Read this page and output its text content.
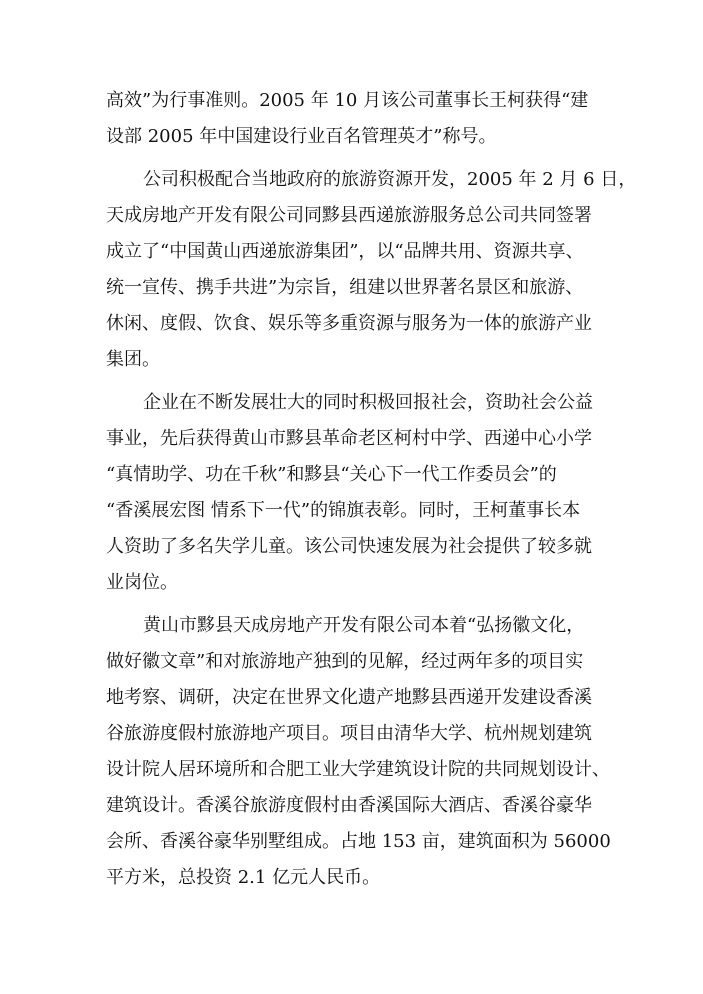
高效”为行事准则。2005 年 10 月该公司董事长王柯获得“建
设部 2005 年中国建设行业百名管理英才”称号。
公司积极配合当地政府的旅游资源开发，2005 年 2 月 6 日，
天成房地产开发有限公司同黟县西递旅游服务总公司共同签署
成立了“中国黄山西递旅游集团”，以“品牌共用、资源共享、
统一宣传、携手共进”为宗旨，组建以世界著名景区和旅游、
休闲、度假、饮食、娱乐等多重资源与服务为一体的旅游产业
集团。
企业在不断发展壮大的同时积极回报社会，资助社会公益
事业，先后获得黄山市黟县革命老区柯村中学、西递中心小学
“真情助学、功在千秋”和黟县“关心下一代工作委员会”的
“香溪展宏图 情系下一代”的锦旗表彰。同时，王柯董事长本
人资助了多名失学儿童。该公司快速发展为社会提供了较多就
业岗位。
黄山市黟县天成房地产开发有限公司本着“弘扬徽文化，
做好徽文章”和对旅游地产独到的见解，经过两年多的项目实
地考察、调研，决定在世界文化遗产地黟县西递开发建设香溪
谷旅游度假村旅游地产项目。项目由清华大学、杭州规划建筑
设计院人居环境所和合肥工业大学建筑设计院的共同规划设计、
建筑设计。香溪谷旅游度假村由香溪国际大酒店、香溪谷豪华
会所、香溪谷豪华别墅组成。占地 153 亩，建筑面积为 56000
平方米，总投资 2.1 亿元人民币。
